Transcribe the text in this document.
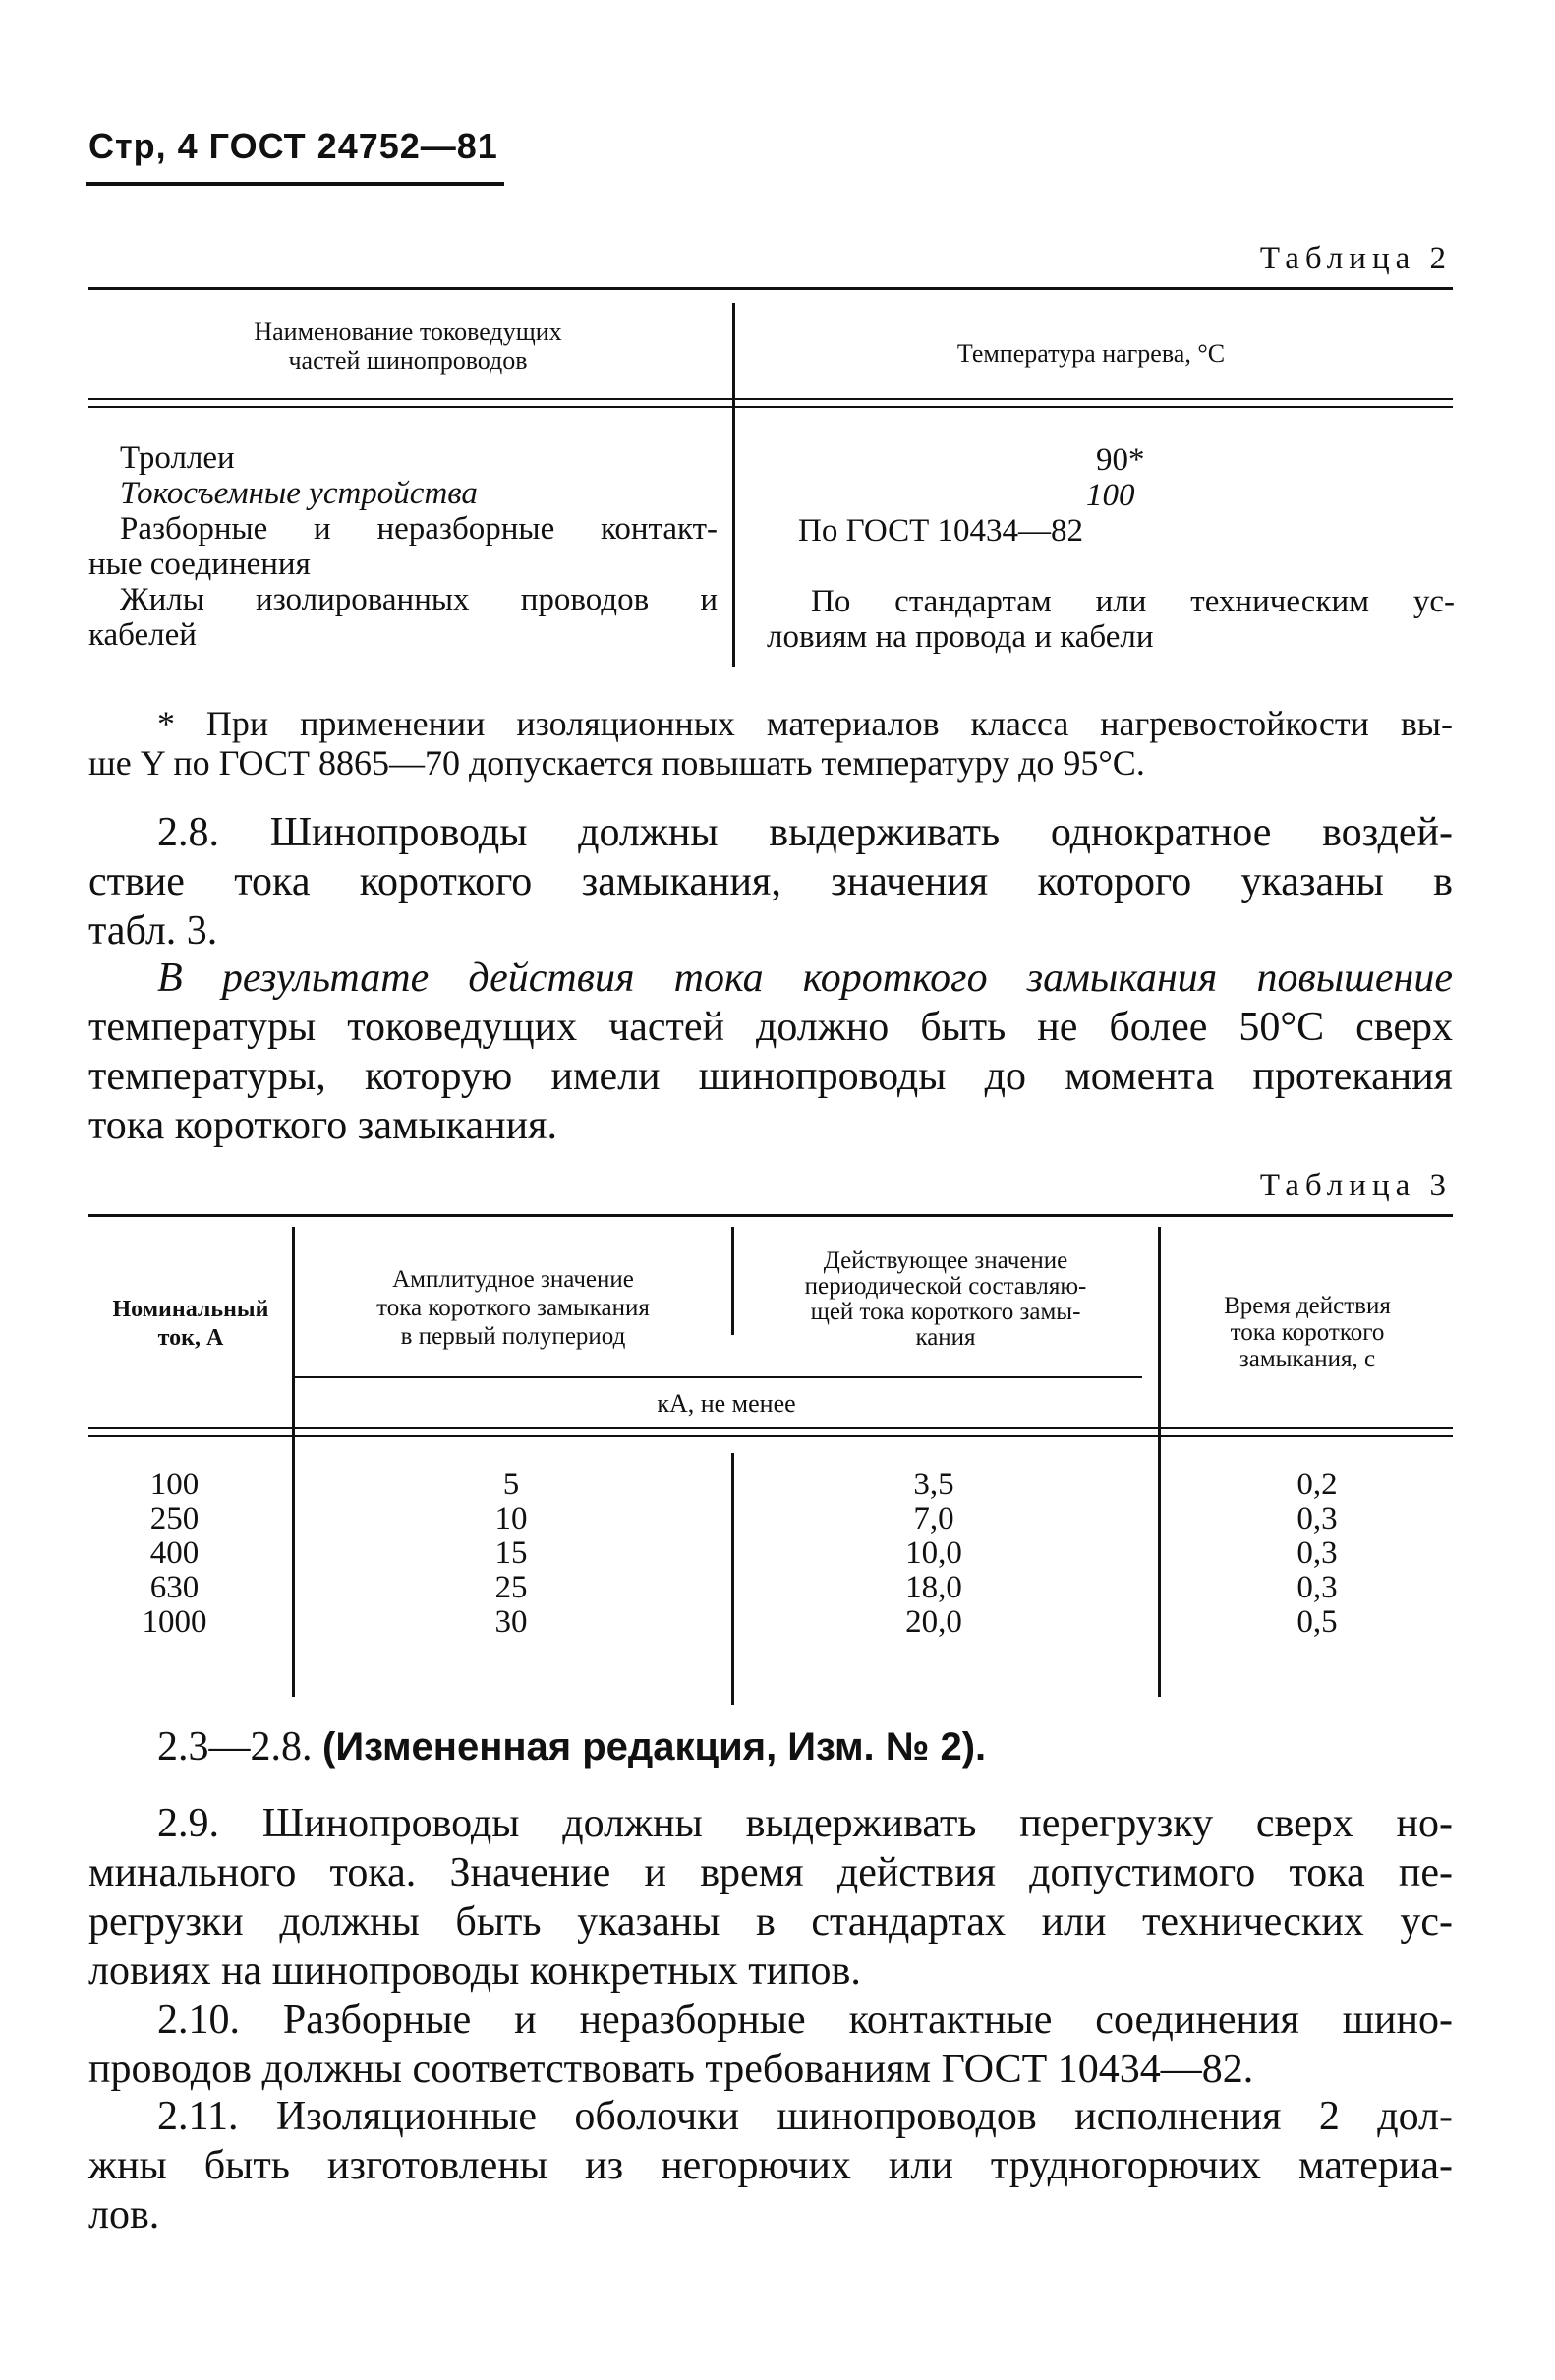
Стр, 4 ГОСТ 24752—81
Таблица 2
Наименование токоведущих
частей шинопроводов	Температура нагрева, °С
Троллеи
Токосъемные устройства
Разборные и неразборные контакт-
ные соединения
Жилы изолированных проводов и
кабелей
90*
100
По ГОСТ 10434—82
По стандартам или техническим ус-
ловиям на провода и кабели
* При применении изоляционных материалов класса нагревостойкости вы-
ше Y по ГОСТ 8865—70 допускается повышать температуру до 95°С.
2.8. Шинопроводы должны выдерживать однократное воздей-
ствие тока короткого замыкания, значения которого указаны в
табл. 3.
В результате действия тока короткого замыкания повышение
температуры токоведущих частей должно быть не более 50°С сверх
температуры, которую имели шинопроводы до момента протекания
тока короткого замыкания.
Таблица 3
Номинальный
ток, А
Амплитудное значение
тока короткого замыкания
в первый полупериод
Действующее значение
периодической составляю-
щей тока короткого замы-
кания
Время действия
тока короткого
замыкания, с
кА, не менее
100
250
400
630
1000
5
10
15
25
30
3,5
7,0
10,0
18,0
20,0
0,2
0,3
0,3
0,3
0,5
2.3—2.8. (Измененная редакция, Изм. № 2).
2.9. Шинопроводы должны выдерживать перегрузку сверх но-
минального тока. Значение и время действия допустимого тока пе-
регрузки должны быть указаны в стандартах или технических ус-
ловиях на шинопроводы конкретных типов.
2.10. Разборные и неразборные контактные соединения шино-
проводов должны соответствовать требованиям ГОСТ 10434—82.
2.11. Изоляционные оболочки шинопроводов исполнения 2 дол-
жны быть изготовлены из негорючих или трудногорючих материа-
лов.
